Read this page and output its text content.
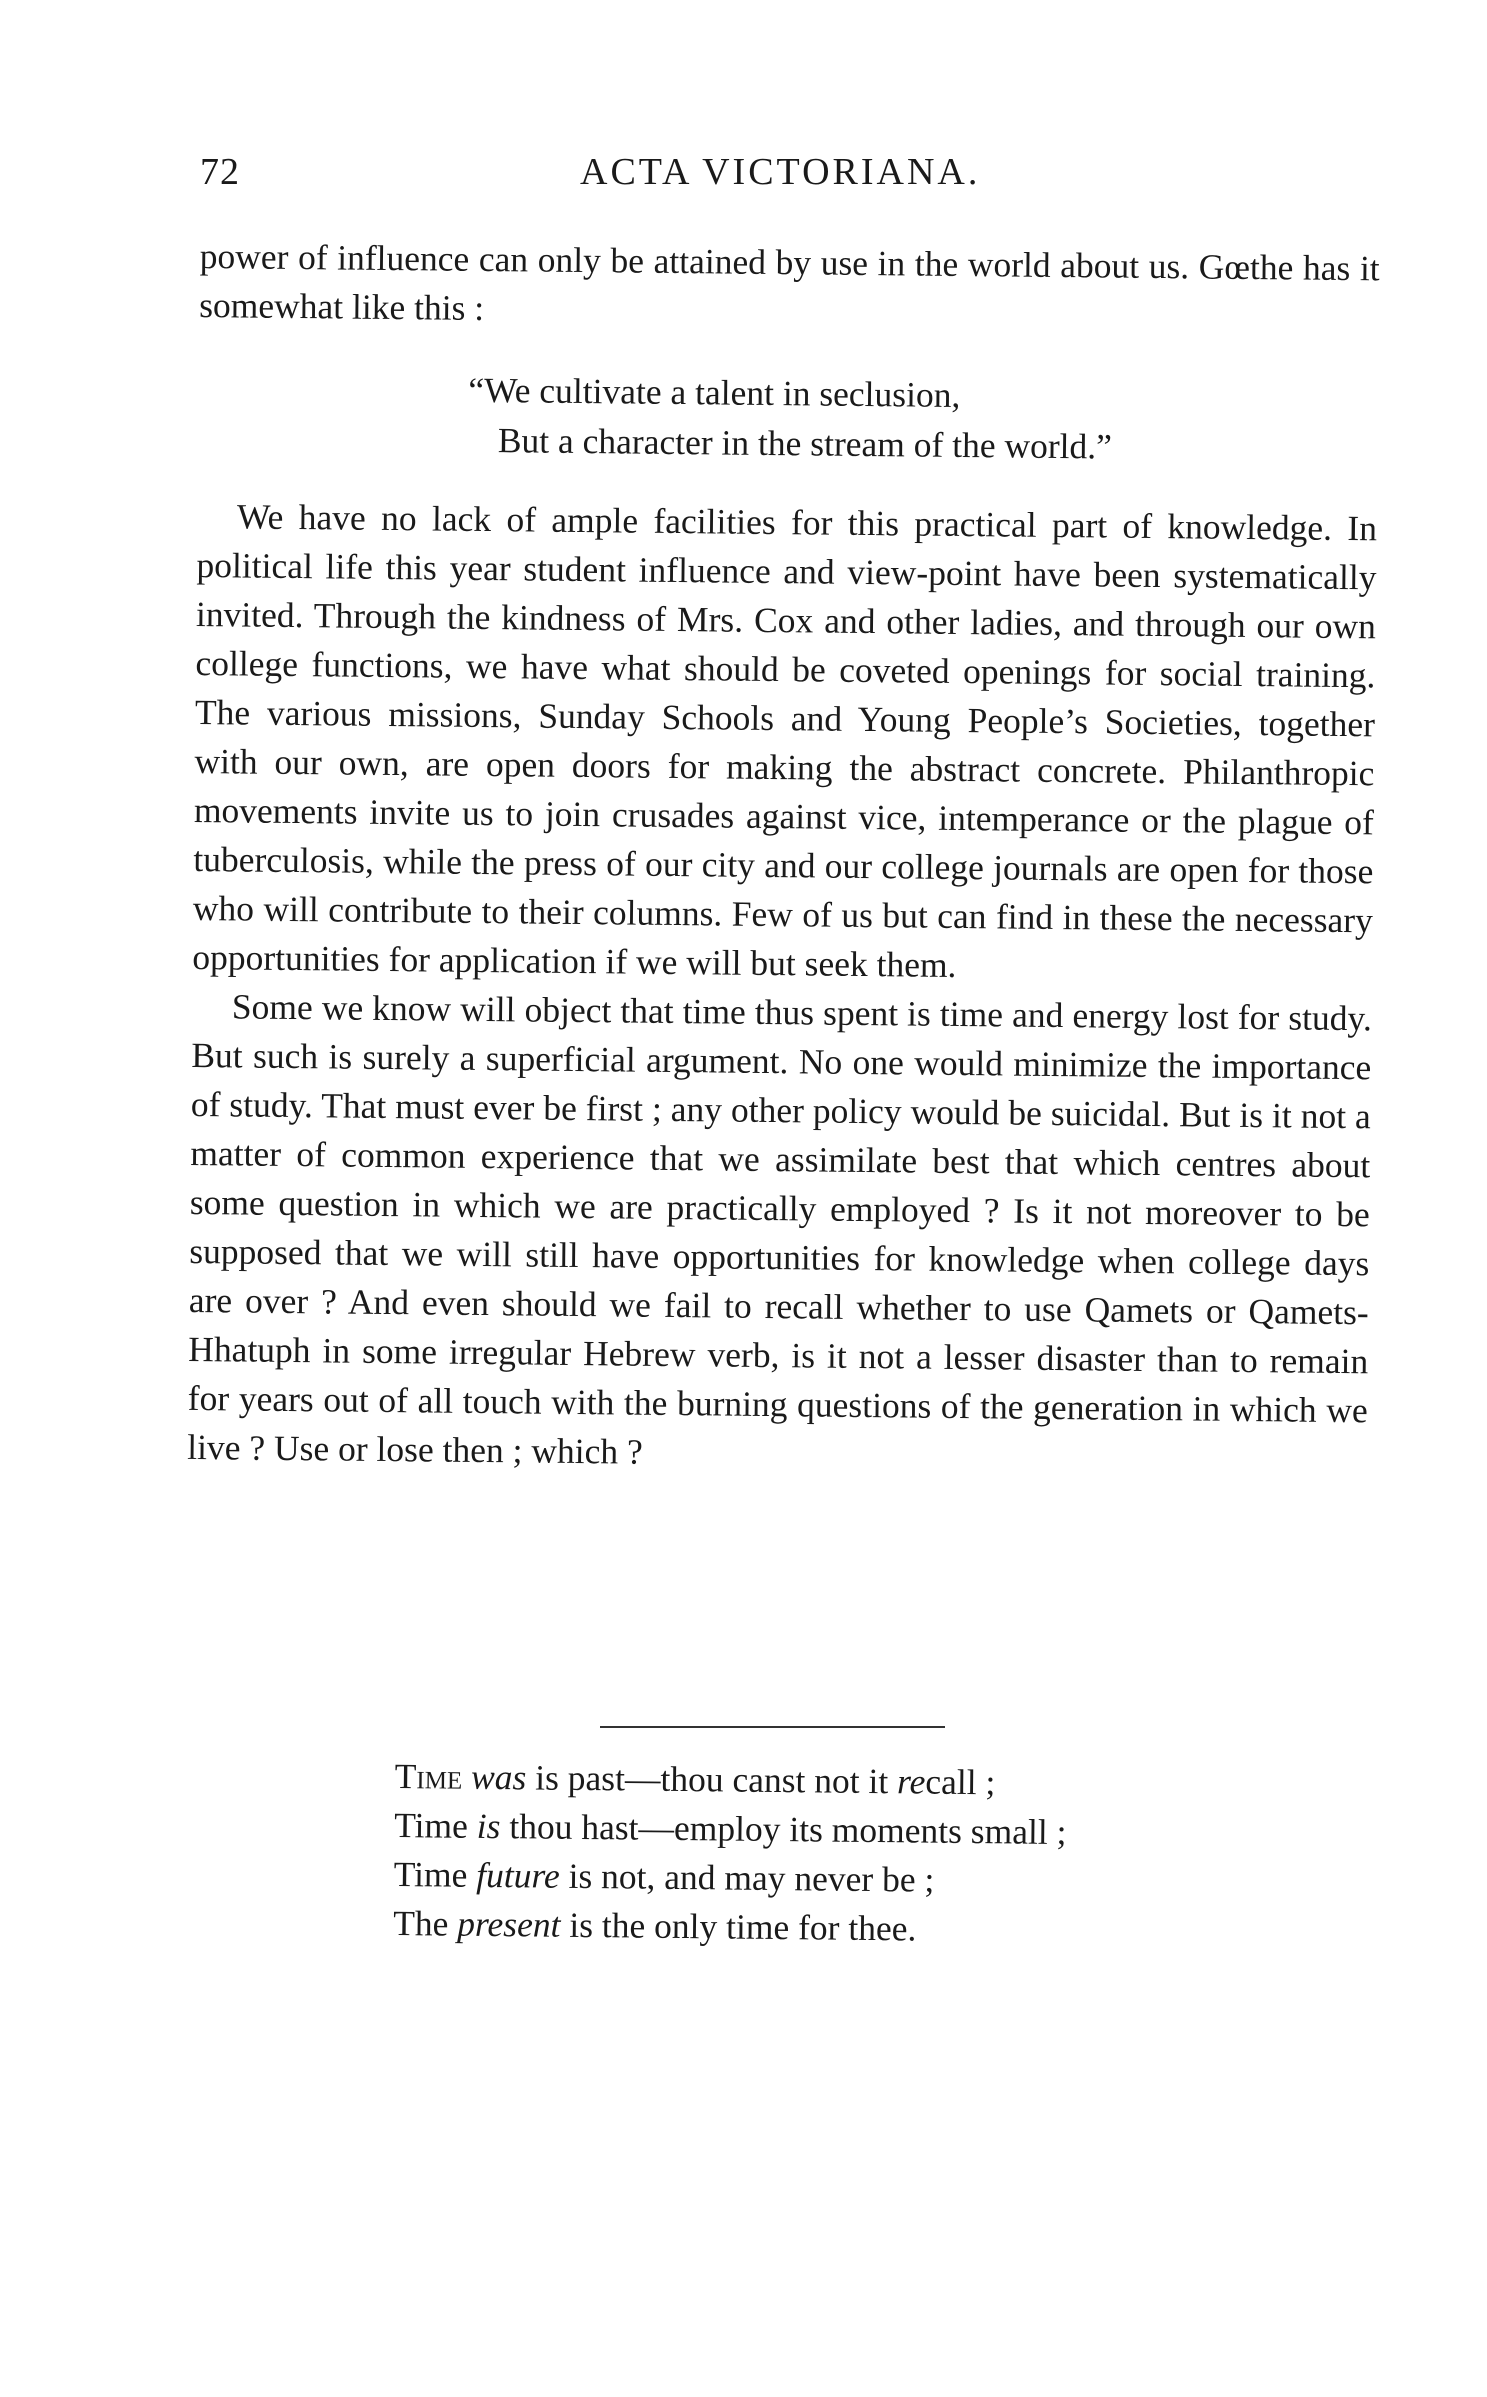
72	ACTA VICTORIANA.

power of influence can only be attained by use in the world about us. Gœthe has it somewhat like this :

“We cultivate a talent in seclusion,
But a character in the stream of the world.”

We have no lack of ample facilities for this practical part of knowledge. In political life this year student influence and view-point have been systematically invited. Through the kindness of Mrs. Cox and other ladies, and through our own college functions, we have what should be coveted openings for social training. The various missions, Sunday Schools and Young People’s Societies, together with our own, are open doors for making the abstract concrete. Philanthropic movements invite us to join crusades against vice, intemperance or the plague of tuberculosis, while the press of our city and our college journals are open for those who will contribute to their columns. Few of us but can find in these the necessary opportunities for application if we will but seek them.

Some we know will object that time thus spent is time and energy lost for study. But such is surely a superficial argument. No one would minimize the importance of study. That must ever be first ; any other policy would be suicidal. But is it not a matter of common experience that we assimilate best that which centres about some question in which we are practically employed ? Is it not moreover to be supposed that we will still have opportunities for knowledge when college days are over ? And even should we fail to recall whether to use Qamets or Qamets-Hhatuph in some irregular Hebrew verb, is it not a lesser disaster than to remain for years out of all touch with the burning questions of the generation in which we live ? Use or lose then ; which ?

Time was is past—thou canst not it recall ;
Time is thou hast—employ its moments small ;
Time future is not, and may never be ;
The present is the only time for thee.
